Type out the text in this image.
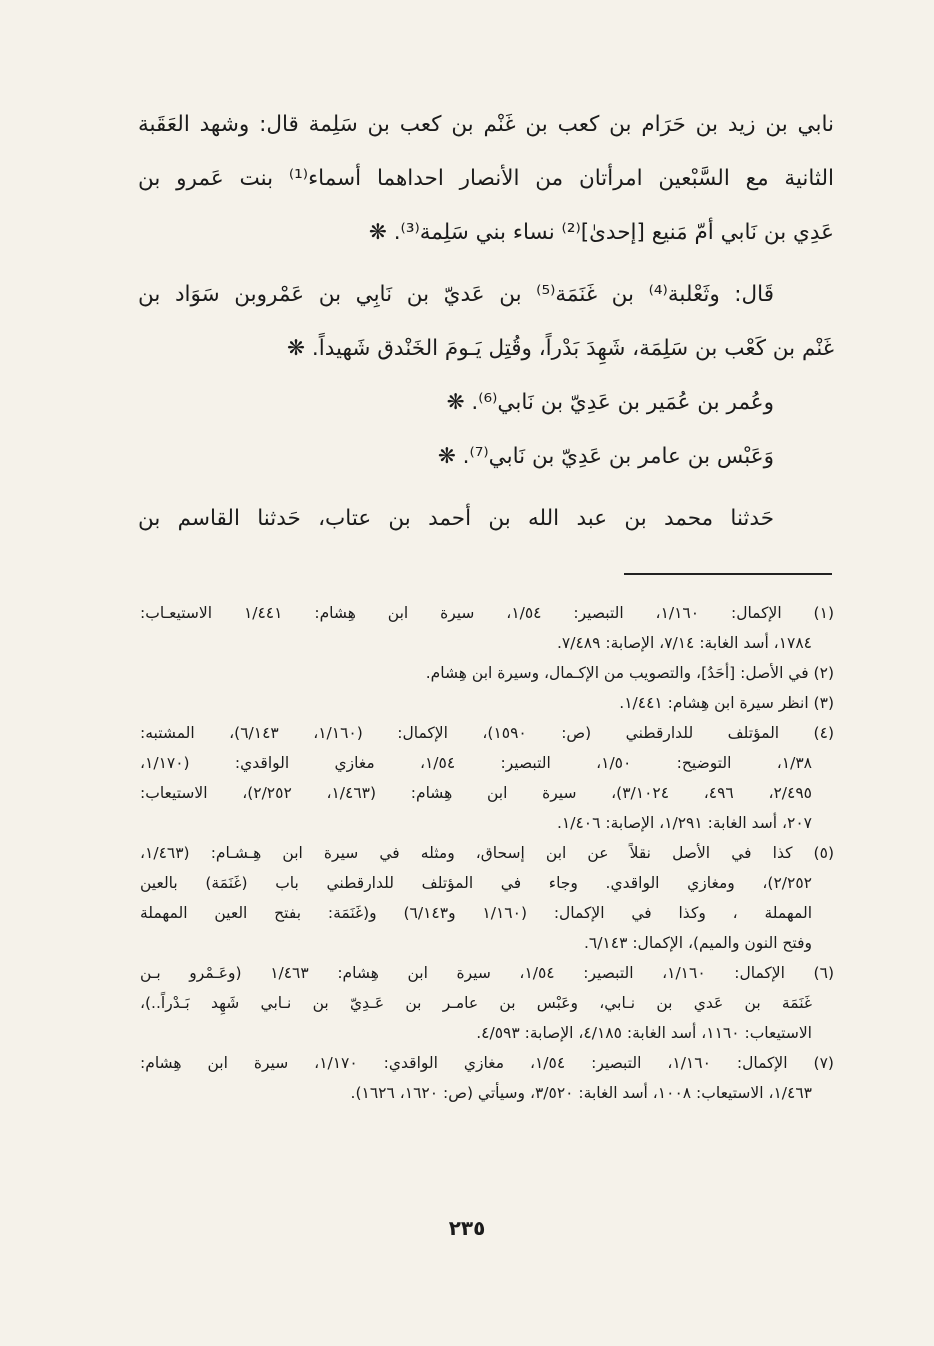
نابي بن زيد بن حَرَام بن كعب بن غَنْم بن كعب بن سَلِمة قال: وشهد العَقَبة
الثانية مع السَّبْعين امرأتان من الأنصار احداهما أسماء⁽¹⁾ بنت عَمرو بن
عَدِي بن نَابي أمّ مَنيع [إحدىٰ]⁽²⁾ نساء بني سَلِمة⁽³⁾. ❋
قَال: وثَعْلبة⁽⁴⁾ بن غَنَمَة⁽⁵⁾ بن عَديّ بن نَابِي بن عَمْروبن سَوَاد بن
غَنْم بن كَعْب بن سَلِمَة، شَهِدَ بَدْراً، وقُتِل يَـومَ الخَنْدق شَهيداً. ❋
وعُمر بن عُمَير بن عَدِيّ بن نَابي⁽⁶⁾. ❋
وَعَبْس بن عامر بن عَدِيّ بن نَابي⁽⁷⁾. ❋
حَدثنا محمد بن عبد الله بن أحمد بن عتاب، حَدثنا القاسم بن
(١) الإكمال: ١/١٦٠، التبصير: ١/٥٤، سيرة ابن هِشام: ١/٤٤١ الاستيعـاب:
١٧٨٤، أسد الغابة: ٧/١٤، الإصابة: ٧/٤٨٩.
(٢) في الأصل: [أحَدُ]، والتصويب من الإكـمال، وسيرة ابن هِشام.
(٣) انظر سيرة ابن هِشام: ١/٤٤١.
(٤) المؤتلف للدارقطني (ص: ١٥٩٠)، الإكمال: (١/١٦٠، ٦/١٤٣)، المشتبه:
١/٣٨، التوضيح: ١/٥٠، التبصير: ١/٥٤، مغازي الواقدي: (١/١٧٠،
٢/٤٩٥، ٤٩٦، ٣/١٠٢٤)، سيرة ابن هِشام: (١/٤٦٣، ٢/٢٥٢)، الاستيعاب:
٢٠٧، أسد الغابة: ١/٢٩١، الإصابة: ١/٤٠٦.
(٥) كذا في الأصل نقلاً عن ابن إسحاق، ومثله في سيرة ابن هِـشـام: (١/٤٦٣،
٢/٢٥٢)، ومغازي الواقدي. وجاء في المؤتلف للدارقطني باب (غَنَمَة) بالعين
المهملة ، وكذا في الإكمال: (١/١٦٠ و٦/١٤٣) و(غَنَمَة: بفتح العين المهملة
وفتح النون والميم)، الإكمال: ٦/١٤٣.
(٦) الإكمال: ١/١٦٠، التبصير: ١/٥٤، سيرة ابن هِشام: ١/٤٦٣ (وعَـمْرو بـن
غَنَمَة بن عَدي بن نـابي، وعَبْس بن عامـر بن عَـدِيّ بن نـابي شَهِد بَـدْراً..)،
الاستيعاب: ١١٦٠، أسد الغابة: ٤/١٨٥، الإصابة: ٤/٥٩٣.
(٧) الإكمال: ١/١٦٠، التبصير: ١/٥٤، مغازي الواقدي: ١/١٧٠، سيرة ابن هِشام:
١/٤٦٣، الاستيعاب: ١٠٠٨، أسد الغابة: ٣/٥٢٠، وسيأتي (ص: ١٦٢٠، ١٦٢٦).
٢٣٥
